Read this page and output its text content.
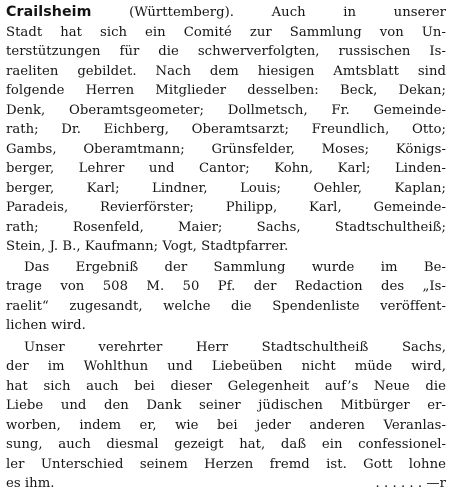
Crailsheim (Württemberg). Auch in unserer
Stadt hat sich ein Comité zur Sammlung von Un-
terstützungen für die schwerverfolgten, russischen Is-
raeliten gebildet. Nach dem hiesigen Amtsblatt sind
folgende Herren Mitglieder desselben: Beck, Dekan;
Denk, Oberamtsgeometer; Dollmetsch, Fr. Gemeinde-
rath; Dr. Eichberg, Oberamtsarzt; Freundlich, Otto;
Gambs, Oberamtmann; Grünsfelder, Moses; Königs-
berger, Lehrer und Cantor; Kohn, Karl; Linden-
berger, Karl; Lindner, Louis; Oehler, Kaplan;
Paradeis, Revierförster; Philipp, Karl, Gemeinde-
rath; Rosenfeld, Maier; Sachs, Stadtschultheiß;
Stein, J. B., Kaufmann; Vogt, Stadtpfarrer.

Das Ergebniß der Sammlung wurde im Be-
trage von 508 M. 50 Pf. der Redaction des „Is-
raelit“ zugesandt, welche die Spendenliste veröffent-
lichen wird.

Unser verehrter Herr Stadtschultheiß Sachs,
der im Wohlthun und Liebeüben nicht müde wird,
hat sich auch bei dieser Gelegenheit auf’s Neue die
Liebe und den Dank seiner jüdischen Mitbürger er-
worben, indem er, wie bei jeder anderen Veranlas-
sung, auch diesmal gezeigt hat, daß ein confessionel-
ler Unterschied seinem Herzen fremd ist. Gott lohne
es ihm.	. . . . . . —r
